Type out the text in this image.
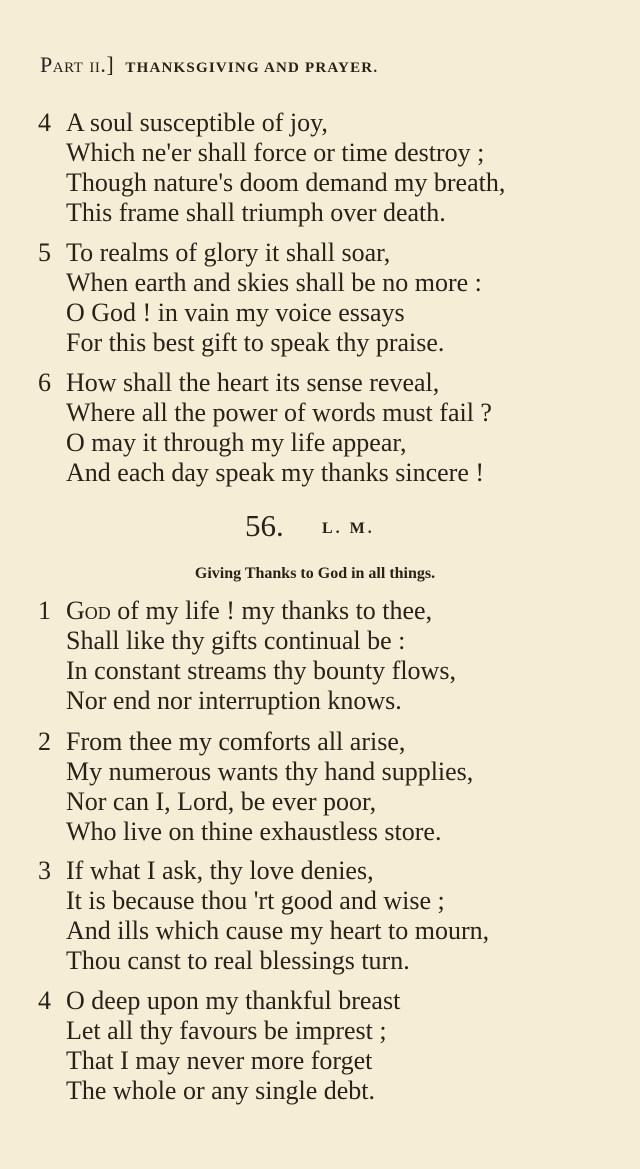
Part ii.] THANKSGIVING AND PRAYER.
4 A soul susceptible of joy,
Which ne'er shall force or time destroy ;
Though nature's doom demand my breath,
This frame shall triumph over death.
5 To realms of glory it shall soar,
When earth and skies shall be no more :
O God ! in vain my voice essays
For this best gift to speak thy praise.
6 How shall the heart its sense reveal,
Where all the power of words must fail ?
O may it through my life appear,
And each day speak my thanks sincere !
56. L. M.
Giving Thanks to God in all things.
1 God of my life ! my thanks to thee,
Shall like thy gifts continual be :
In constant streams thy bounty flows,
Nor end nor interruption knows.
2 From thee my comforts all arise,
My numerous wants thy hand supplies,
Nor can I, Lord, be ever poor,
Who live on thine exhaustless store.
3 If what I ask, thy love denies,
It is because thou 'rt good and wise ;
And ills which cause my heart to mourn,
Thou canst to real blessings turn.
4 O deep upon my thankful breast
Let all thy favours be imprest ;
That I may never more forget
The whole or any single debt.
